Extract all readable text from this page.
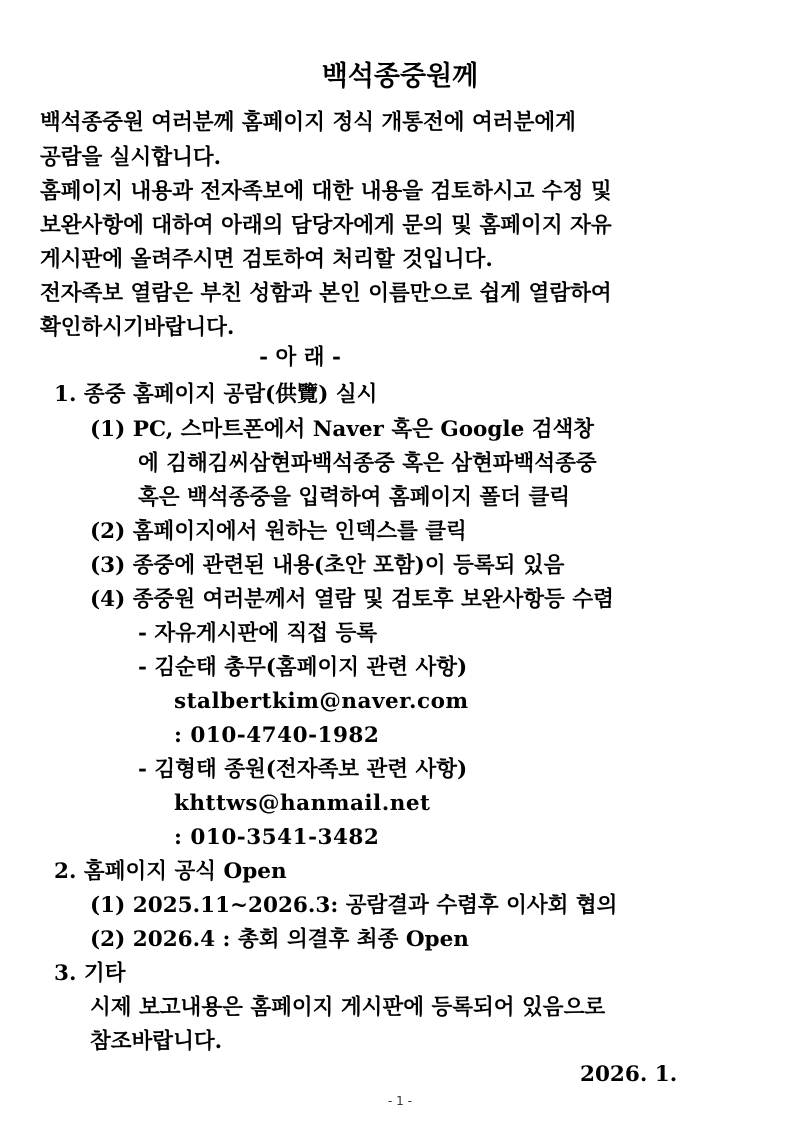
백석종중원께
백석종중원 여러분께 홈페이지 정식 개통전에 여러분에게
공람을 실시합니다.
홈페이지 내용과 전자족보에 대한 내용을 검토하시고 수정 및
보완사항에 대하여 아래의 담당자에게 문의 및 홈페이지 자유
게시판에 올려주시면 검토하여 처리할 것입니다.
전자족보 열람은 부친 성함과 본인 이름만으로 쉽게 열람하여
확인하시기바랍니다.
- 아 래 -
1. 종중 홈페이지 공람(供覽) 실시
(1) PC, 스마트폰에서 Naver 혹은 Google 검색창
에 김해김씨삼현파백석종중 혹은 삼현파백석종중
혹은 백석종중을 입력하여 홈페이지 폴더 클릭
(2) 홈페이지에서 원하는 인덱스를 클릭
(3) 종중에 관련된 내용(초안 포함)이 등록되 있음
(4) 종중원 여러분께서 열람 및 검토후 보완사항등 수렴
- 자유게시판에 직접 등록
- 김순태 총무(홈페이지 관련 사항)
stalbertkim@naver.com
: 010-4740-1982
- 김형태 종원(전자족보 관련 사항)
khttws@hanmail.net
: 010-3541-3482
2. 홈페이지 공식 Open
(1) 2025.11~2026.3: 공람결과 수렴후 이사회 협의
(2) 2026.4 : 총회 의결후 최종 Open
3. 기타
시제 보고내용은 홈페이지 게시판에 등록되어 있음으로
참조바랍니다.
2026. 1.
- 1 -
